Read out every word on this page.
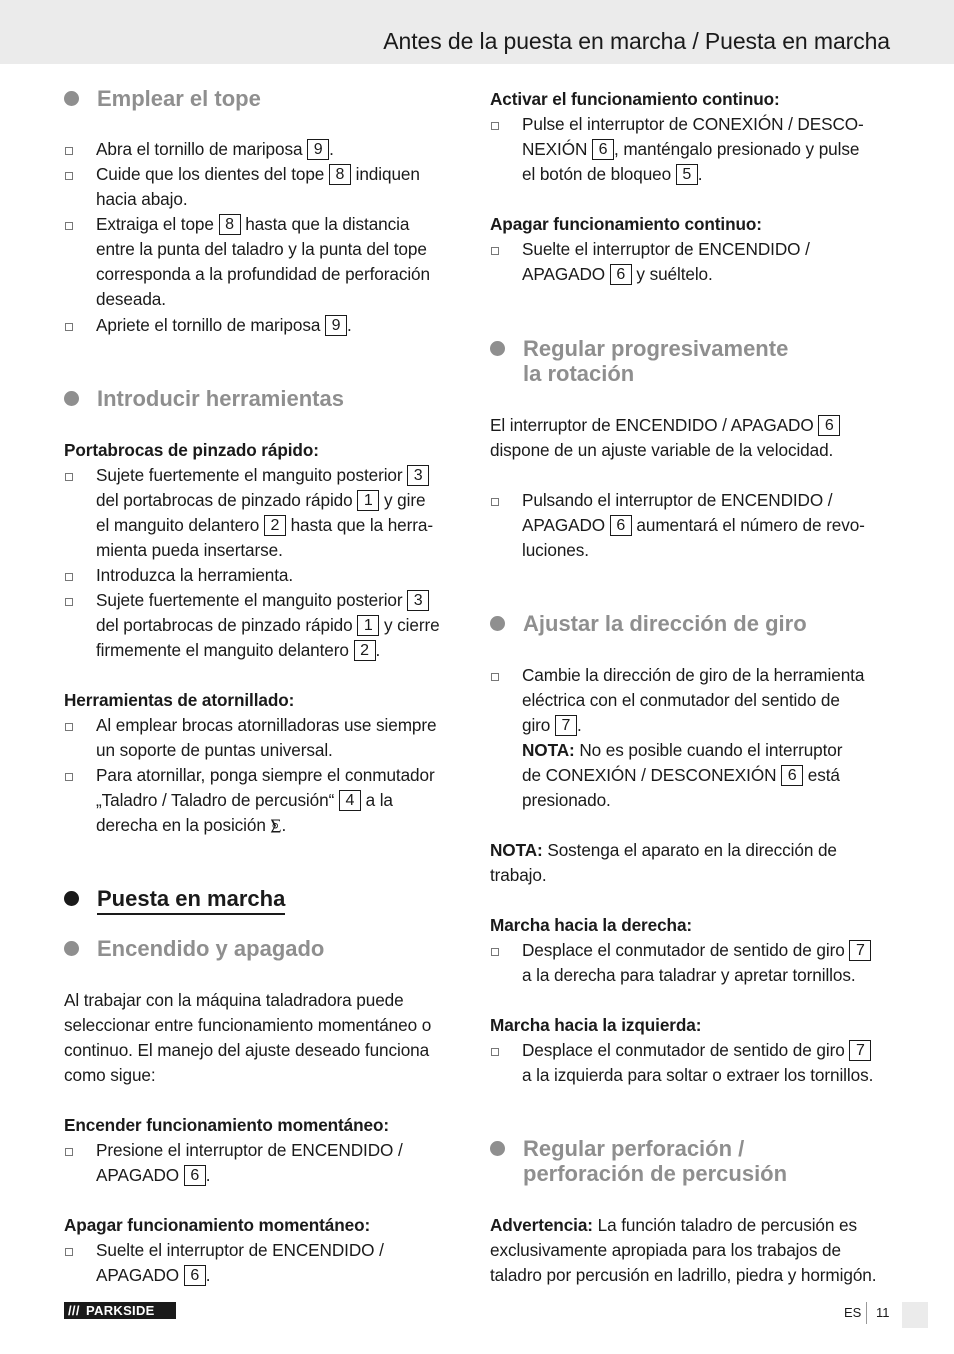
Antes de la puesta en marcha / Puesta en marcha
Emplear el tope
Abra el tornillo de mariposa 9 .
Cuide que los dientes del tope 8 indiquen
hacia abajo.
Extraiga el tope 8 hasta que la distancia
entre la punta del taladro y la punta del tope
corresponda a la profundidad de perforación
deseada.
Apriete el tornillo de mariposa 9 .
Introducir herramientas
Portabrocas de pinzado rápido:
Sujete fuertemente el manguito posterior 3
del portabrocas de pinzado rápido 1 y gire
el manguito delantero 2 hasta que la herra-
mienta pueda insertarse.
Introduzca la herramienta.
Sujete fuertemente el manguito posterior 3
del portabrocas de pinzado rápido 1 y cierre
firmemente el manguito delantero 2 .
Herramientas de atornillado:
Al emplear brocas atornilladoras use siempre
un soporte de puntas universal.
Para atornillar, ponga siempre el conmutador
„Taladro / Taladro de percusión“ 4 a la
derecha en la posición ⨊.
Puesta en marcha
Encendido y apagado
Al trabajar con la máquina taladradora puede
seleccionar entre funcionamiento momentáneo o
continuo. El manejo del ajuste deseado funciona
como sigue:
Encender funcionamiento momentáneo:
Presione el interruptor de ENCENDIDO /
APAGADO 6 .
Apagar funcionamiento momentáneo:
Suelte el interruptor de ENCENDIDO /
APAGADO 6 .
Activar el funcionamiento continuo:
Pulse el interruptor de CONEXIÓN / DESCO-
NEXIÓN 6 , manténgalo presionado y pulse
el botón de bloqueo 5 .
Apagar funcionamiento continuo:
Suelte el interruptor de ENCENDIDO /
APAGADO 6 y suéltelo.
Regular progresivamente
la rotación
El interruptor de ENCENDIDO / APAGADO 6
dispone de un ajuste variable de la velocidad.
Pulsando el interruptor de ENCENDIDO /
APAGADO 6 aumentará el número de revo-
luciones.
Ajustar la dirección de giro
Cambie la dirección de giro de la herramienta
eléctrica con el conmutador del sentido de
giro 7 .
NOTA: No es posible cuando el interruptor
de CONEXIÓN / DESCONEXIÓN 6 está
presionado.
NOTA: Sostenga el aparato en la dirección de
trabajo.
Marcha hacia la derecha:
Desplace el conmutador de sentido de giro 7
a la derecha para taladrar y apretar tornillos.
Marcha hacia la izquierda:
Desplace el conmutador de sentido de giro 7
a la izquierda para soltar o extraer los tornillos.
Regular perforación /
perforación de percusión
Advertencia: La función taladro de percusión es
exclusivamente apropiada para los trabajos de
taladro por percusión en ladrillo, piedra y hormigón.
/// PARKSIDE	ES 11
